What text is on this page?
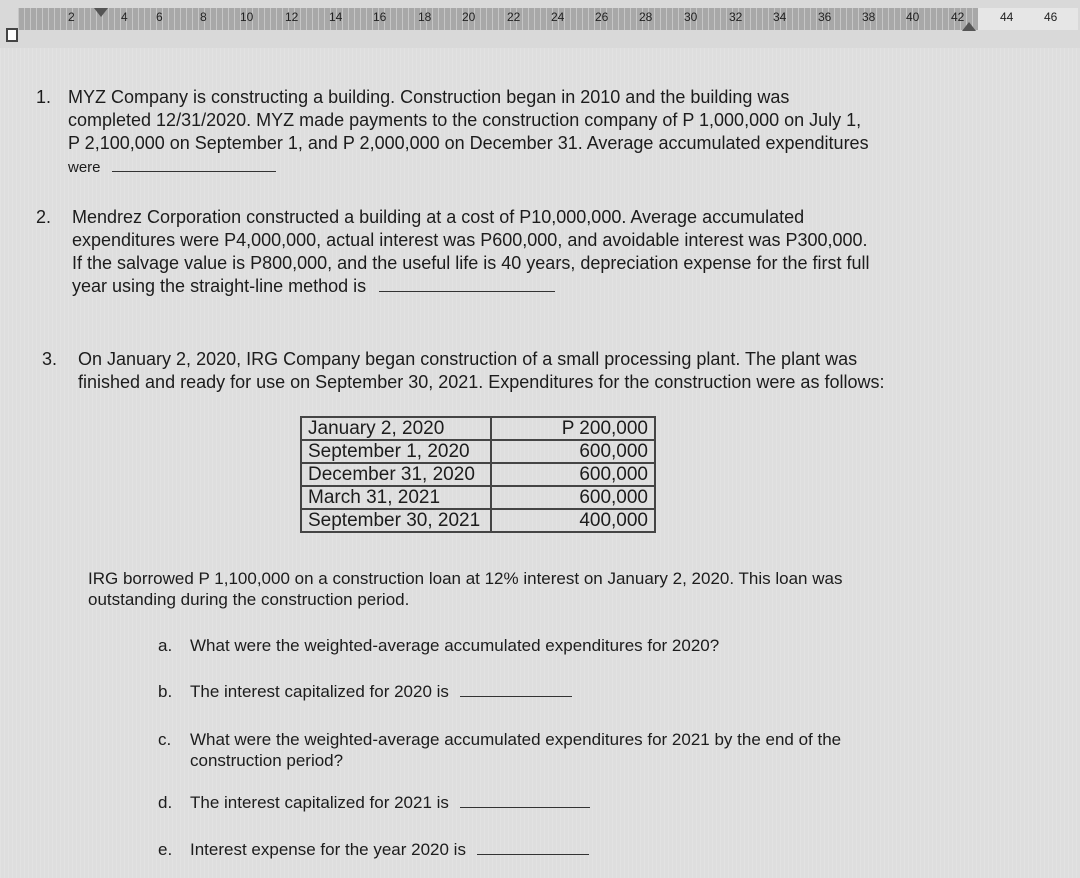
2	4 6	8	10	12	14	16	18	20	22	24	26	28	30	32	34	36	38	40	42	44	46
1. MYZ Company is constructing a building. Construction began in 2010 and the building was
completed 12/31/2020. MYZ made payments to the construction company of P 1,000,000 on July 1,
P 2,100,000 on September 1, and P 2,000,000 on December 31. Average accumulated expenditures
were
2. Mendrez Corporation constructed a building at a cost of P10,000,000. Average accumulated
expenditures were P4,000,000, actual interest was P600,000, and avoidable interest was P300,000.
If the salvage value is P800,000, and the useful life is 40 years, depreciation expense for the first full
year using the straight-line method is
3. On January 2, 2020, IRG Company began construction of a small processing plant. The plant was
finished and ready for use on September 30, 2021. Expenditures for the construction were as follows:
January 2, 2020	P 200,000
September 1, 2020	600,000
December 31, 2020	600,000
March 31, 2021	600,000
September 30, 2021	400,000
IRG borrowed P 1,100,000 on a construction loan at 12% interest on January 2, 2020. This loan was
outstanding during the construction period.
a. What were the weighted-average accumulated expenditures for 2020?
b. The interest capitalized for 2020 is
c. What were the weighted-average accumulated expenditures for 2021 by the end of the
construction period?
d. The interest capitalized for 2021 is
e. Interest expense for the year 2020 is
